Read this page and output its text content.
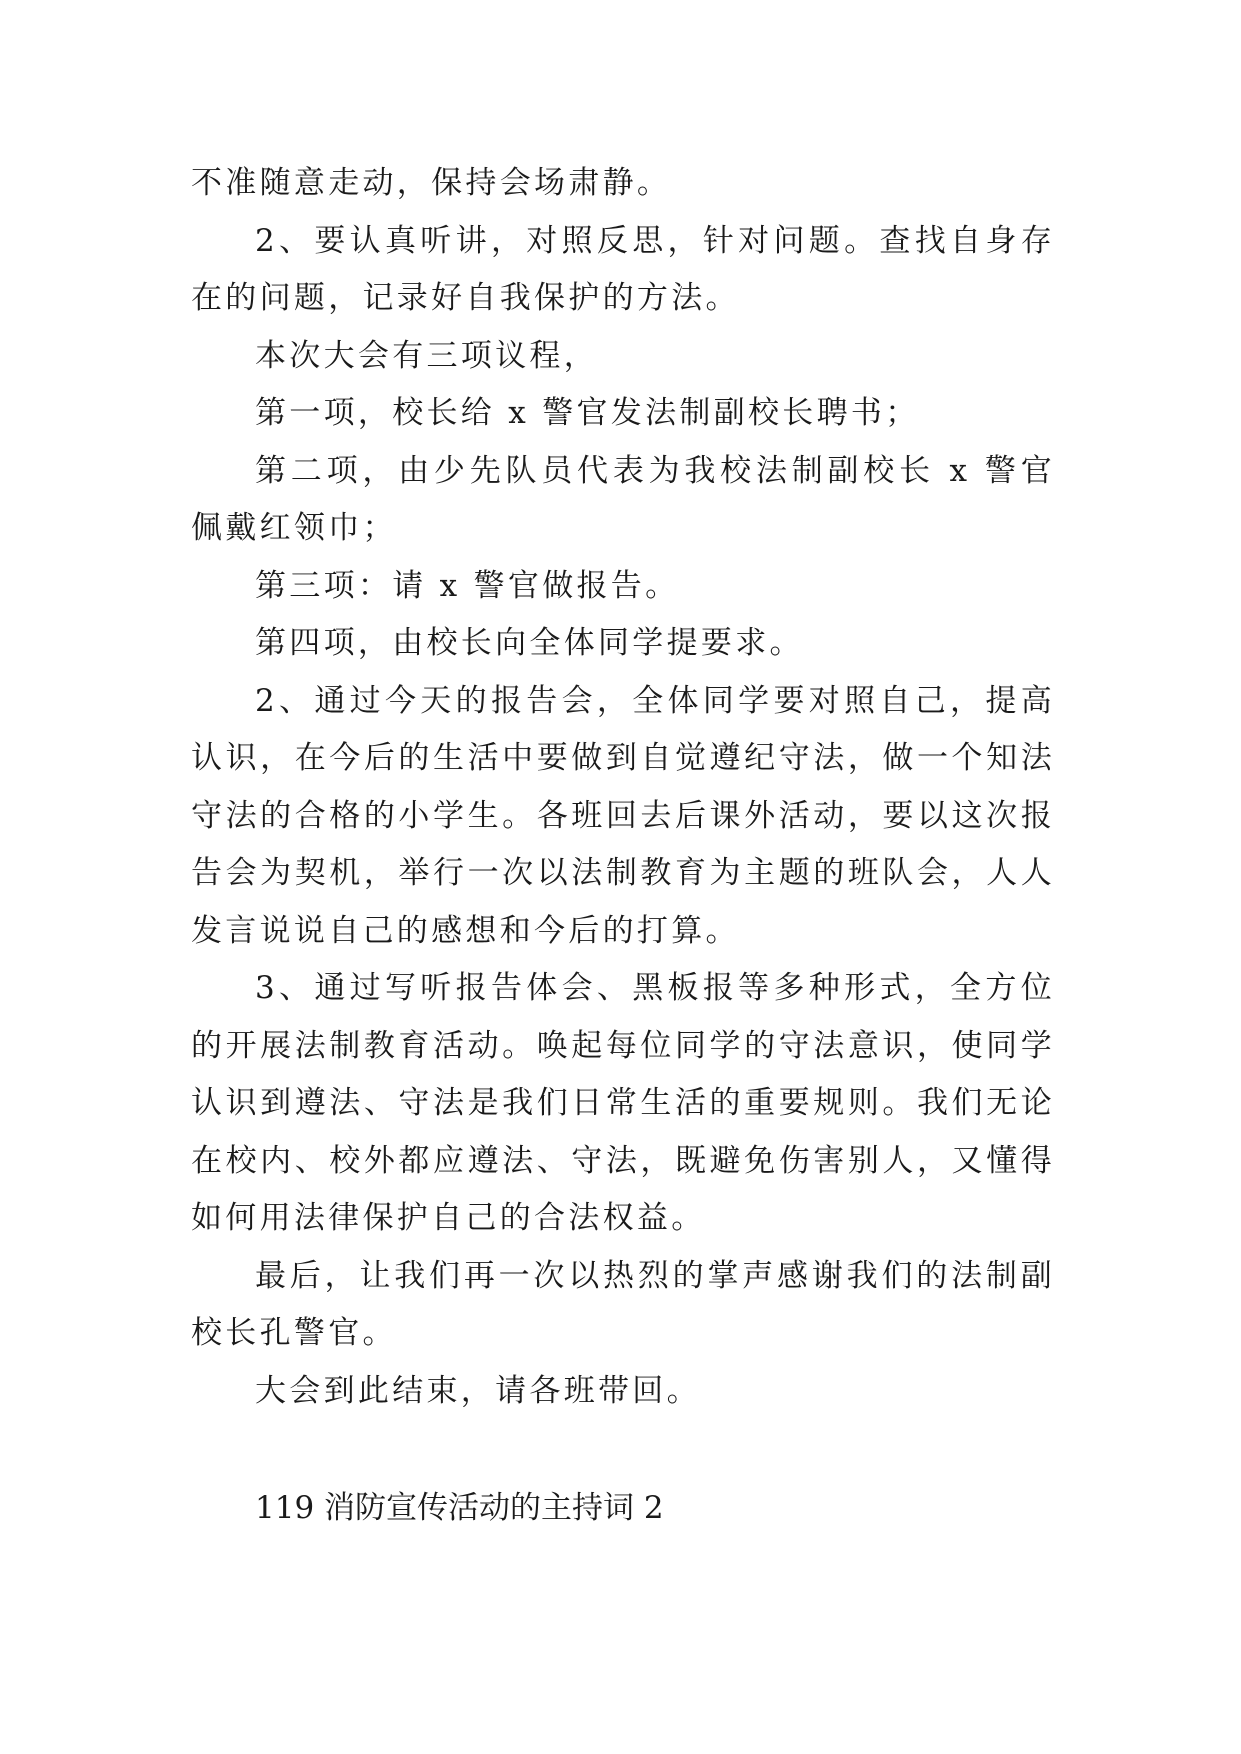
不准随意走动，保持会场肃静。

2、要认真听讲，对照反思，针对问题。查找自身存在的问题，记录好自我保护的方法。

本次大会有三项议程，

第一项，校长给 x 警官发法制副校长聘书；

第二项，由少先队员代表为我校法制副校长 x 警官佩戴红领巾；

第三项：请 x 警官做报告。

第四项，由校长向全体同学提要求。

2、通过今天的报告会，全体同学要对照自己，提高认识，在今后的生活中要做到自觉遵纪守法，做一个知法守法的合格的小学生。各班回去后课外活动，要以这次报告会为契机，举行一次以法制教育为主题的班队会，人人发言说说自己的感想和今后的打算。

3、通过写听报告体会、黑板报等多种形式，全方位的开展法制教育活动。唤起每位同学的守法意识，使同学认识到遵法、守法是我们日常生活的重要规则。我们无论在校内、校外都应遵法、守法，既避免伤害别人，又懂得如何用法律保护自己的合法权益。

最后，让我们再一次以热烈的掌声感谢我们的法制副校长孔警官。

大会到此结束，请各班带回。

119 消防宣传活动的主持词 2
